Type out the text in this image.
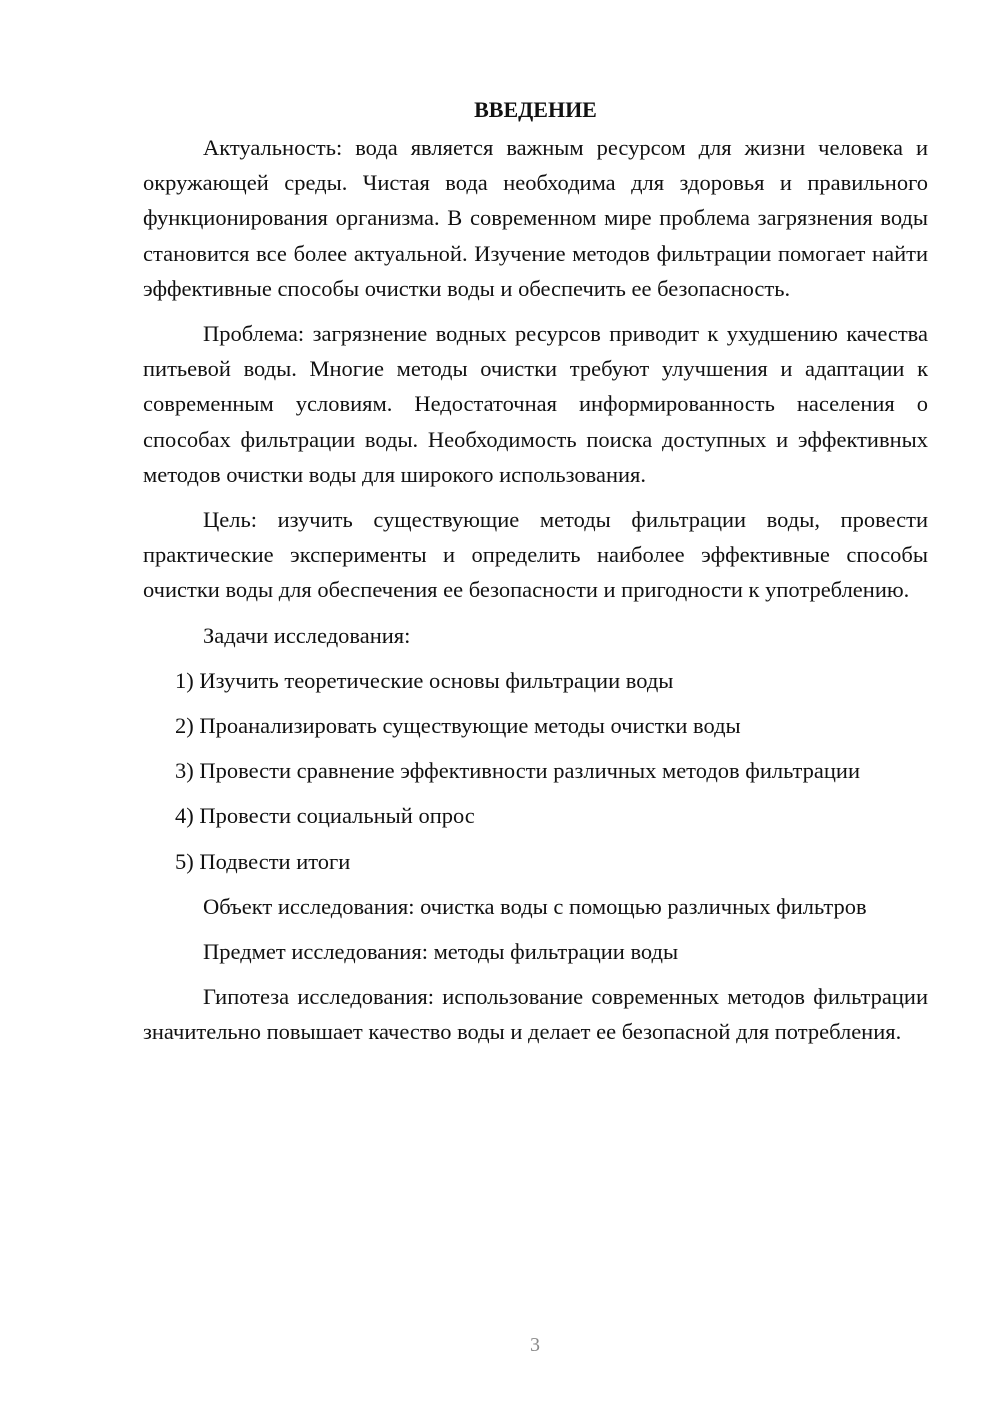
ВВЕДЕНИЕ

Актуальность: вода является важным ресурсом для жизни человека и окружающей среды. Чистая вода необходима для здоровья и правильного функционирования организма. В современном мире проблема загрязнения воды становится все более актуальной. Изучение методов фильтрации помогает найти эффективные способы очистки воды и обеспечить ее безопасность.

Проблема: загрязнение водных ресурсов приводит к ухудшению качества питьевой воды. Многие методы очистки требуют улучшения и адаптации к современным условиям. Недостаточная информированность населения о способах фильтрации воды. Необходимость поиска доступных и эффективных методов очистки воды для широкого использования.

Цель: изучить существующие методы фильтрации воды, провести практические эксперименты и определить наиболее эффективные способы очистки воды для обеспечения ее безопасности и пригодности к употреблению.

Задачи исследования:

1) Изучить теоретические основы фильтрации воды

2) Проанализировать существующие методы очистки воды

3) Провести сравнение эффективности различных методов фильтрации

4) Провести социальный опрос

5) Подвести итоги

Объект исследования: очистка воды с помощью различных фильтров

Предмет исследования: методы фильтрации воды

Гипотеза исследования: использование современных методов фильтрации значительно повышает качество воды и делает ее безопасной для потребления.

3
